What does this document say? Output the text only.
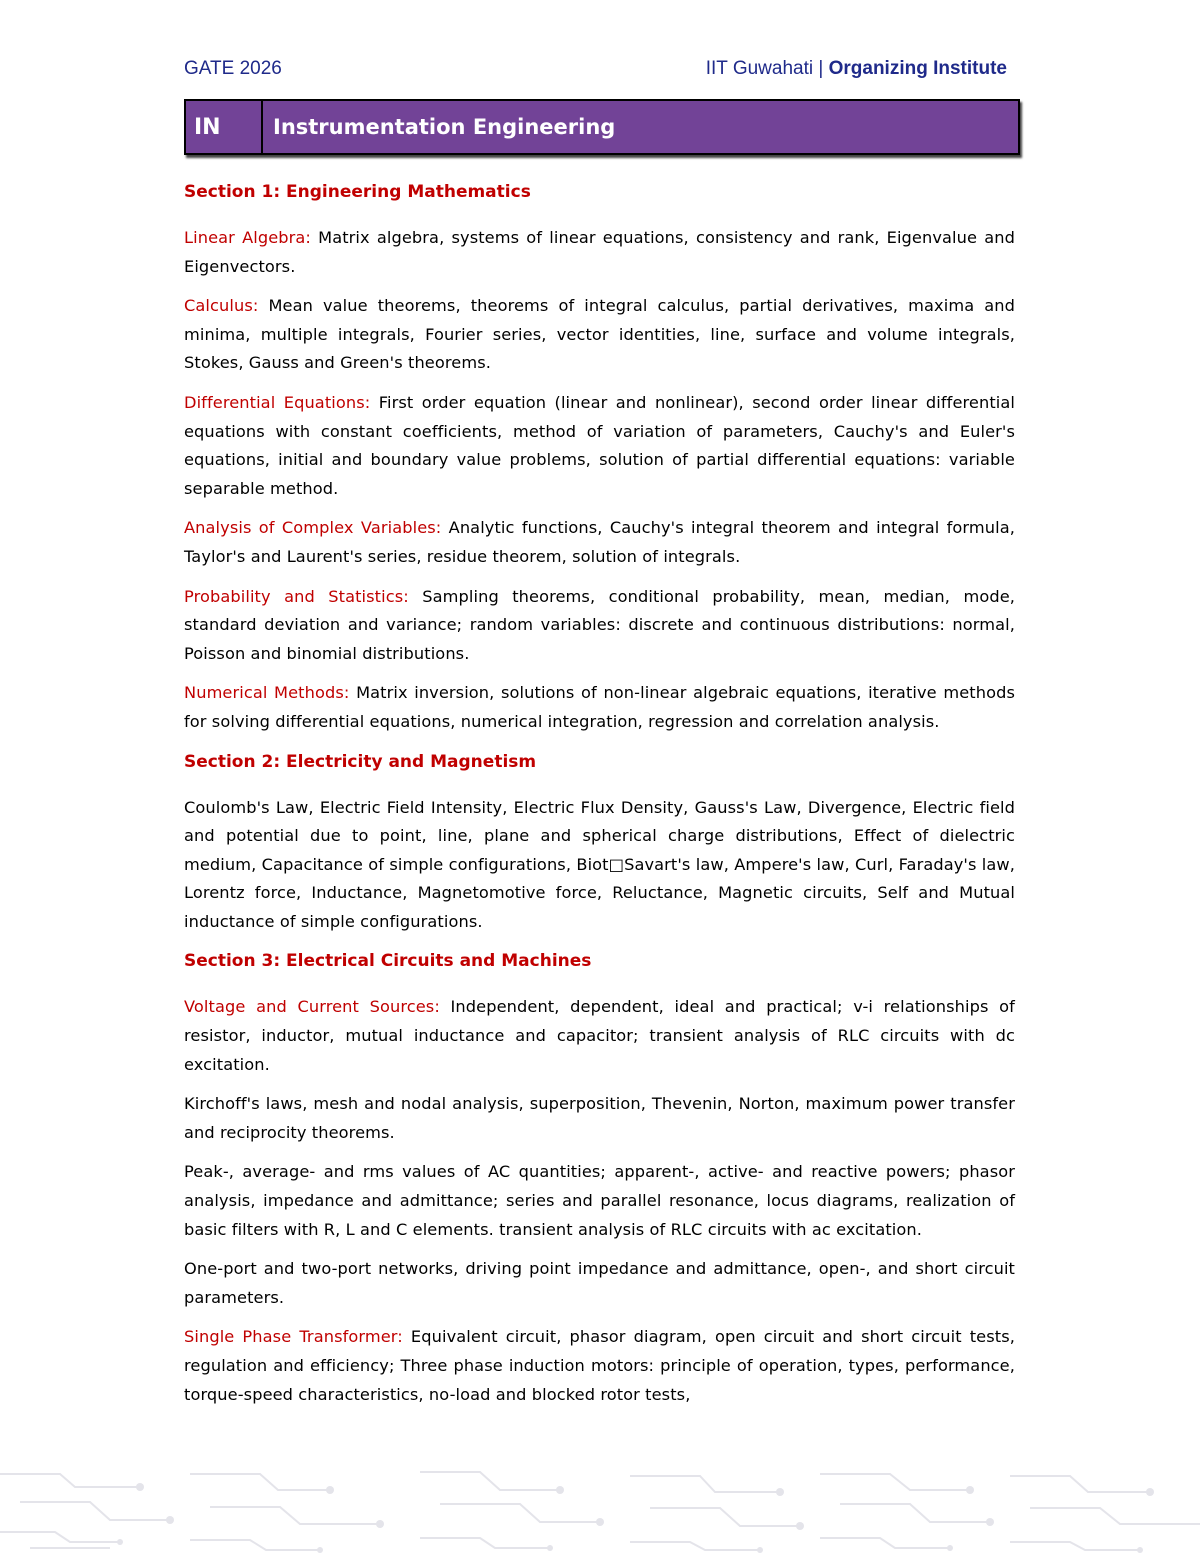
GATE 2026	IIT Guwahati | Organizing Institute
IN	Instrumentation Engineering
Section 1: Engineering Mathematics

Linear Algebra: Matrix algebra, systems of linear equations, consistency and rank, Eigenvalue and Eigenvectors.

Calculus: Mean value theorems, theorems of integral calculus, partial derivatives, maxima and minima, multiple integrals, Fourier series, vector identities, line, surface and volume integrals, Stokes, Gauss and Green's theorems.

Differential Equations: First order equation (linear and nonlinear), second order linear differential equations with constant coefficients, method of variation of parameters, Cauchy's and Euler's equations, initial and boundary value problems, solution of partial differential equations: variable separable method.

Analysis of Complex Variables: Analytic functions, Cauchy's integral theorem and integral formula, Taylor's and Laurent's series, residue theorem, solution of integrals.

Probability and Statistics: Sampling theorems, conditional probability, mean, median, mode, standard deviation and variance; random variables: discrete and continuous distributions: normal, Poisson and binomial distributions.

Numerical Methods: Matrix inversion, solutions of non-linear algebraic equations, iterative methods for solving differential equations, numerical integration, regression and correlation analysis.

Section 2: Electricity and Magnetism

Coulomb's Law, Electric Field Intensity, Electric Flux Density, Gauss's Law, Divergence, Electric field and potential due to point, line, plane and spherical charge distributions, Effect of dielectric medium, Capacitance of simple configurations, Biot□Savart's law, Ampere's law, Curl, Faraday's law, Lorentz force, Inductance, Magnetomotive force, Reluctance, Magnetic circuits, Self and Mutual inductance of simple configurations.

Section 3: Electrical Circuits and Machines

Voltage and Current Sources: Independent, dependent, ideal and practical; v-i relationships of resistor, inductor, mutual inductance and capacitor; transient analysis of RLC circuits with dc excitation.

Kirchoff's laws, mesh and nodal analysis, superposition, Thevenin, Norton, maximum power transfer and reciprocity theorems.

Peak-, average- and rms values of AC quantities; apparent-, active- and reactive powers; phasor analysis, impedance and admittance; series and parallel resonance, locus diagrams, realization of basic filters with R, L and C elements. transient analysis of RLC circuits with ac excitation.

One-port and two-port networks, driving point impedance and admittance, open-, and short circuit parameters.

Single Phase Transformer: Equivalent circuit, phasor diagram, open circuit and short circuit tests, regulation and efficiency; Three phase induction motors: principle of operation, types, performance, torque-speed characteristics, no-load and blocked rotor tests,
